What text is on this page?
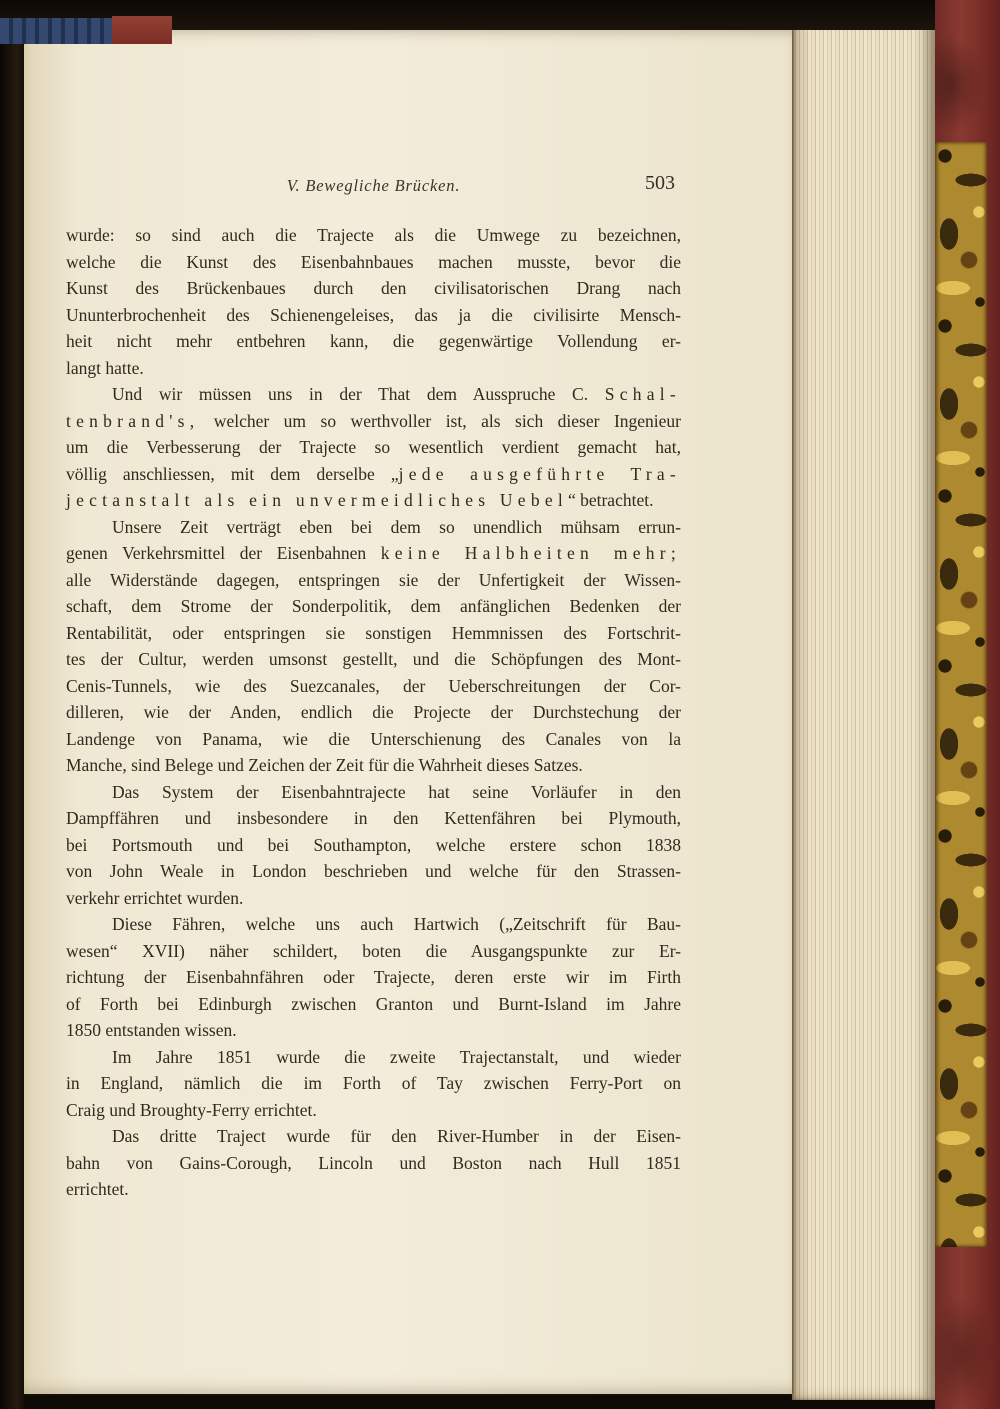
V. Bewegliche Brücken.	503
wurde: so sind auch die Trajecte als die Umwege zu bezeichnen,
welche die Kunst des Eisenbahnbaues machen musste, bevor die
Kunst des Brückenbaues durch den civilisatorischen Drang nach
Ununterbrochenheit des Schienengeleises, das ja die civilisirte Mensch-
heit nicht mehr entbehren kann, die gegenwärtige Vollendung er-
langt hatte.
Und wir müssen uns in der That dem Ausspruche C. Schal-
tenbrand's, welcher um so werthvoller ist, als sich dieser Ingenieur
um die Verbesserung der Trajecte so wesentlich verdient gemacht hat,
völlig anschliessen, mit dem derselbe „jede ausgeführte Tra-
jectanstalt als ein unvermeidliches Uebel“ betrachtet.
Unsere Zeit verträgt eben bei dem so unendlich mühsam errun-
genen Verkehrsmittel der Eisenbahnen keine Halbheiten mehr;
alle Widerstände dagegen, entspringen sie der Unfertigkeit der Wissen-
schaft, dem Strome der Sonderpolitik, dem anfänglichen Bedenken der
Rentabilität, oder entspringen sie sonstigen Hemmnissen des Fortschrit-
tes der Cultur, werden umsonst gestellt, und die Schöpfungen des Mont-
Cenis-Tunnels, wie des Suezcanales, der Ueberschreitungen der Cor-
dilleren, wie der Anden, endlich die Projecte der Durchstechung der
Landenge von Panama, wie die Unterschienung des Canales von la
Manche, sind Belege und Zeichen der Zeit für die Wahrheit dieses Satzes.
Das System der Eisenbahntrajecte hat seine Vorläufer in den
Dampffähren und insbesondere in den Kettenfähren bei Plymouth,
bei Portsmouth und bei Southampton, welche erstere schon 1838
von John Weale in London beschrieben und welche für den Strassen-
verkehr errichtet wurden.
Diese Fähren, welche uns auch Hartwich („Zeitschrift für Bau-
wesen“ XVII) näher schildert, boten die Ausgangspunkte zur Er-
richtung der Eisenbahnfähren oder Trajecte, deren erste wir im Firth
of Forth bei Edinburgh zwischen Granton und Burnt-Island im Jahre
1850 entstanden wissen.
Im Jahre 1851 wurde die zweite Trajectanstalt, und wieder
in England, nämlich die im Forth of Tay zwischen Ferry-Port on
Craig und Broughty-Ferry errichtet.
Das dritte Traject wurde für den River-Humber in der Eisen-
bahn von Gains-Corough, Lincoln und Boston nach Hull 1851
errichtet.
